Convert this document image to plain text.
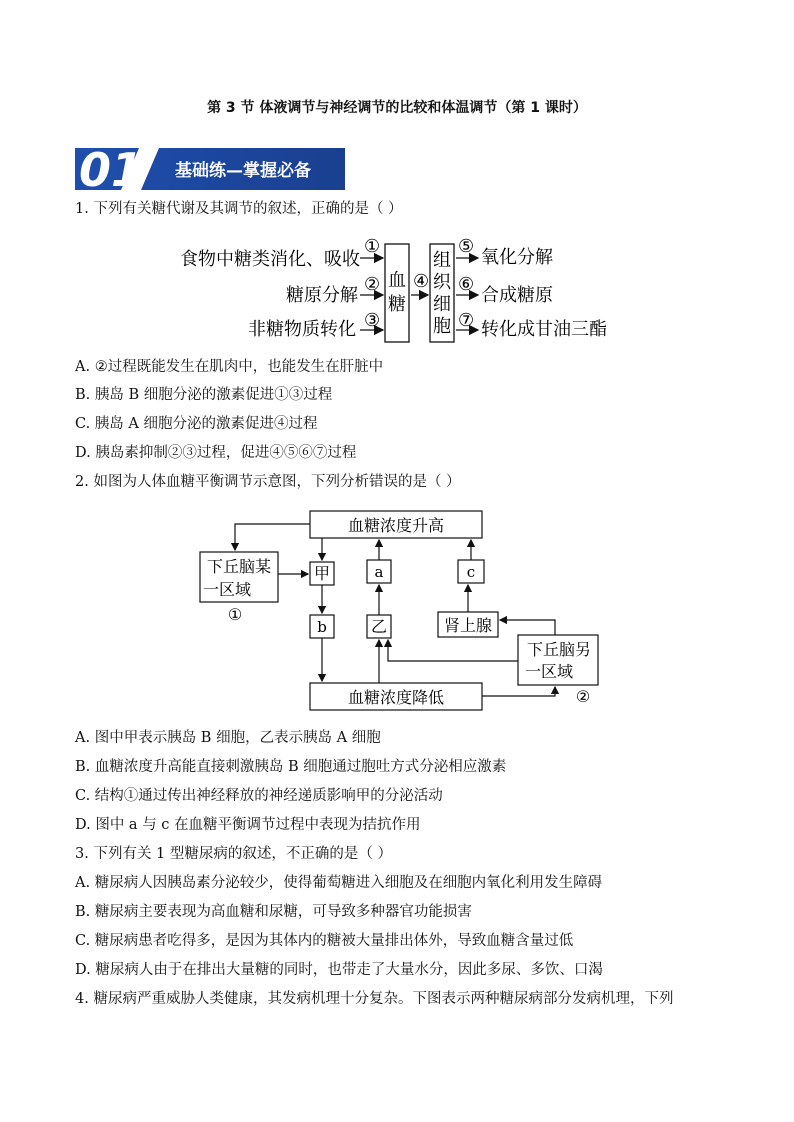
第 3 节 体液调节与神经调节的比较和体温调节（第 1 课时）
01 基础练—掌握必备
1. 下列有关糖代谢及其调节的叙述，正确的是（ ）
食物中糖类消化、吸收
糖原分解
非糖物质转化
①
②
③
血
糖
④
组
织
细
胞
⑤
⑥
⑦
氧化分解
合成糖原
转化成甘油三酯
A. ②过程既能发生在肌肉中，也能发生在肝脏中
B. 胰岛 B 细胞分泌的激素促进①③过程
C. 胰岛 A 细胞分泌的激素促进④过程
D. 胰岛素抑制②③过程，促进④⑤⑥⑦过程
2. 如图为人体血糖平衡调节示意图，下列分析错误的是（ ）
血糖浓度升高
血糖浓度降低
下丘脑某
一区域
①
甲
b
a
乙
c
肾上腺
下丘脑另
一区域
②
A. 图中甲表示胰岛 B 细胞，乙表示胰岛 A 细胞
B. 血糖浓度升高能直接刺激胰岛 B 细胞通过胞吐方式分泌相应激素
C. 结构①通过传出神经释放的神经递质影响甲的分泌活动
D. 图中 a 与 c 在血糖平衡调节过程中表现为拮抗作用
3. 下列有关 1 型糖尿病的叙述，不正确的是（ ）
A. 糖尿病人因胰岛素分泌较少，使得葡萄糖进入细胞及在细胞内氧化利用发生障碍
B. 糖尿病主要表现为高血糖和尿糖，可导致多种器官功能损害
C. 糖尿病患者吃得多，是因为其体内的糖被大量排出体外，导致血糖含量过低
D. 糖尿病人由于在排出大量糖的同时，也带走了大量水分，因此多尿、多饮、口渴
4. 糖尿病严重威胁人类健康，其发病机理十分复杂。下图表示两种糖尿病部分发病机理，下列
